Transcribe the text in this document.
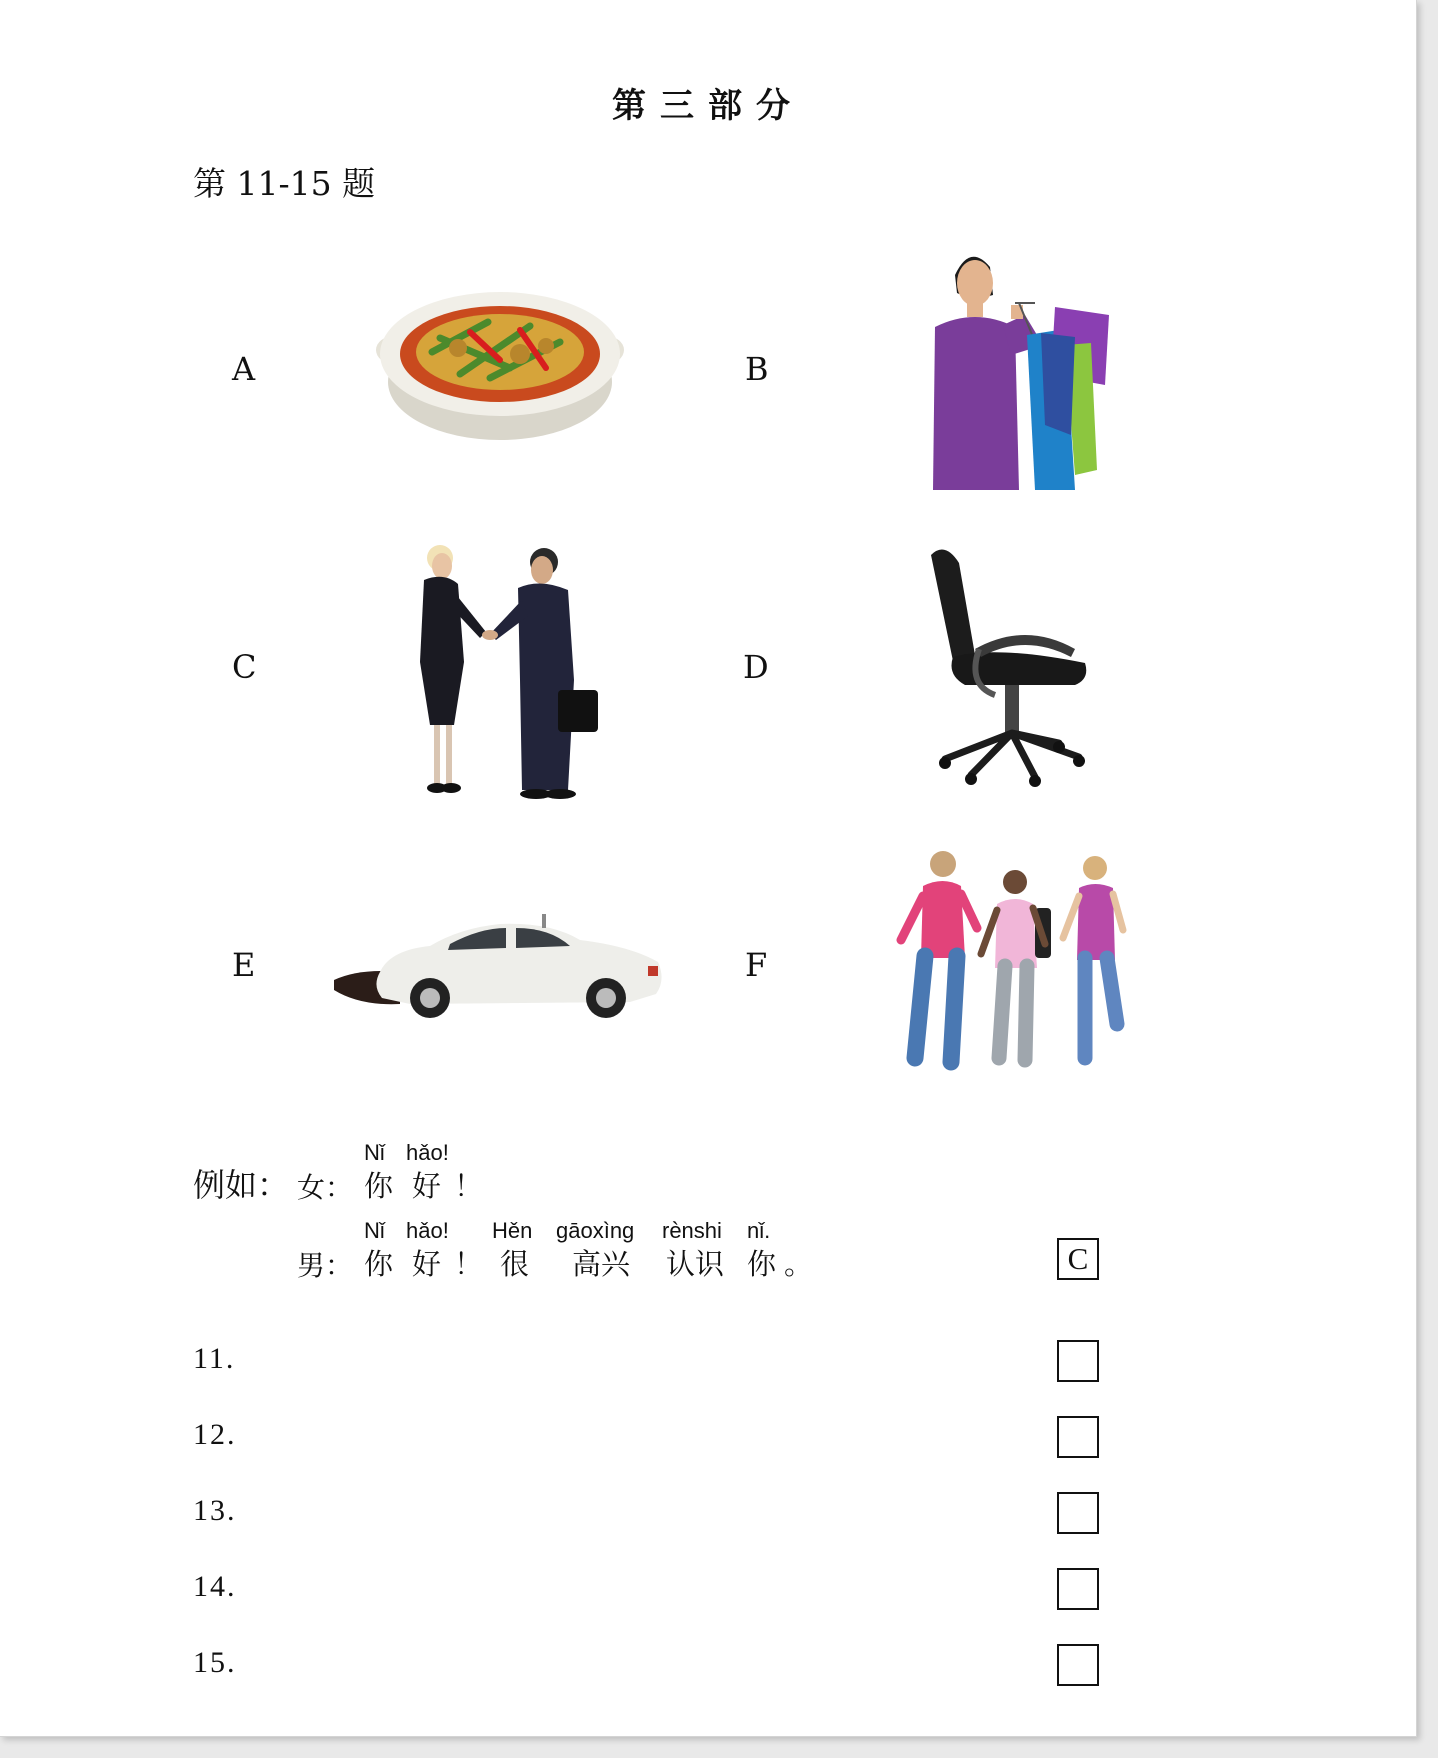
第三部分
第 11-15 题
A	B
C	D
E	F
例如：
Nǐ hǎo!
女： 你 好 ！
Nǐ hǎo! Hěn gāoxìng rènshi nǐ.
男： 你 好 ！ 很 高兴 认识 你 。	C
11.
12.
13.
14.
15.
